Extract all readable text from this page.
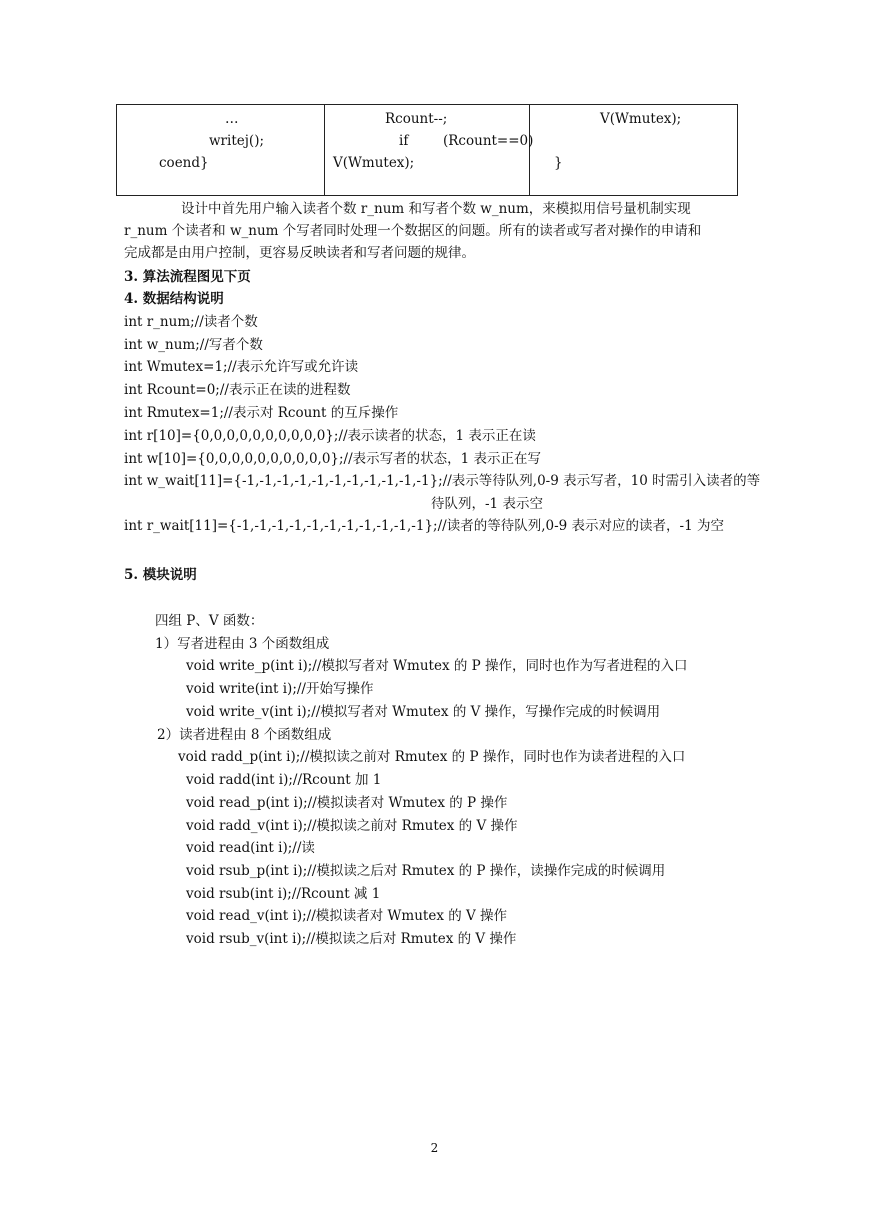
…
writej();
coend}
Rcount--;
if	(Rcount==0)
V(Wmutex);
V(Wmutex);
}
设计中首先用户输入读者个数 r_num 和写者个数 w_num，来模拟用信号量机制实现
r_num 个读者和 w_num 个写者同时处理一个数据区的问题。所有的读者或写者对操作的申请和
完成都是由用户控制，更容易反映读者和写者问题的规律。
3. 算法流程图见下页
4. 数据结构说明
int r_num;//读者个数
int w_num;//写者个数
int Wmutex=1;//表示允许写或允许读
int Rcount=0;//表示正在读的进程数
int Rmutex=1;//表示对 Rcount 的互斥操作
int r[10]={0,0,0,0,0,0,0,0,0,0};//表示读者的状态，1 表示正在读
int w[10]={0,0,0,0,0,0,0,0,0,0};//表示写者的状态，1 表示正在写
int w_wait[11]={-1,-1,-1,-1,-1,-1,-1,-1,-1,-1,-1};//表示等待队列,0-9 表示写者，10 时需引入读者的等
待队列，-1 表示空
int r_wait[11]={-1,-1,-1,-1,-1,-1,-1,-1,-1,-1,-1};//读者的等待队列,0-9 表示对应的读者，-1 为空
5. 模块说明
四组 P、V 函数：
1）写者进程由 3 个函数组成
void write_p(int i);//模拟写者对 Wmutex 的 P 操作，同时也作为写者进程的入口
void write(int i);//开始写操作
void write_v(int i);//模拟写者对 Wmutex 的 V 操作，写操作完成的时候调用
2）读者进程由 8 个函数组成
void radd_p(int i);//模拟读之前对 Rmutex 的 P 操作，同时也作为读者进程的入口
void radd(int i);//Rcount 加 1
void read_p(int i);//模拟读者对 Wmutex 的 P 操作
void radd_v(int i);//模拟读之前对 Rmutex 的 V 操作
void read(int i);//读
void rsub_p(int i);//模拟读之后对 Rmutex 的 P 操作，读操作完成的时候调用
void rsub(int i);//Rcount 减 1
void read_v(int i);//模拟读者对 Wmutex 的 V 操作
void rsub_v(int i);//模拟读之后对 Rmutex 的 V 操作
2
